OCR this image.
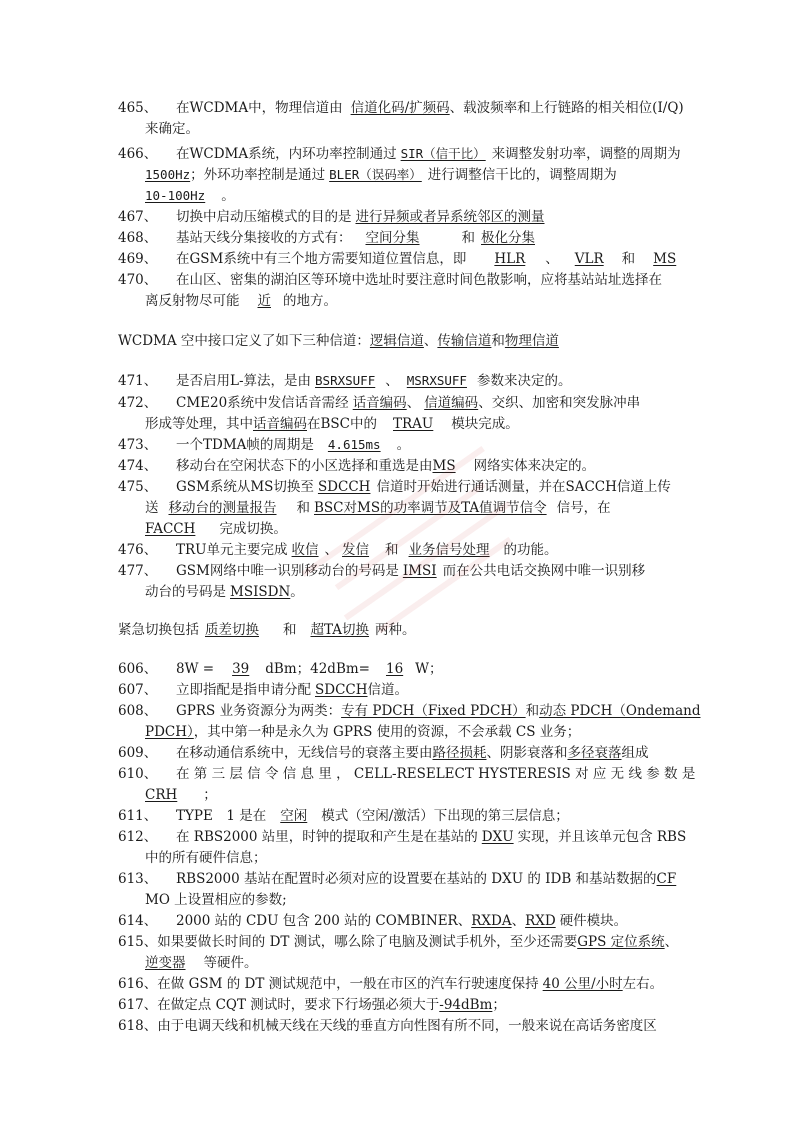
465、 在WCDMA中，物理信道由 信道化码/扩频码、载波频率和上行链路的相关相位(I/Q)
来确定。
466、 在WCDMA系统，内环功率控制通过 SIR（信干比） 来调整发射功率，调整的周期为
1500Hz；外环功率控制是通过 BLER（误码率） 进行调整信干比的，调整周期为
10-100Hz 。
467、 切换中启动压缩模式的目的是 进行异频或者异系统邻区的测量
468、 基站天线分集接收的方式有： 空间分集	和 极化分集
469、 在GSM系统中有三个地方需要知道位置信息，即 HLR 、 VLR 和 MS
470、 在山区、密集的湖泊区等环境中选址时要注意时间色散影响，应将基站站址选择在
离反射物尽可能 近 的地方。
WCDMA 空中接口定义了如下三种信道：逻辑信道、传输信道和物理信道
471、 是否启用L-算法，是由 BSRXSUFF 、 MSRXSUFF 参数来决定的。
472、 CME20系统中发信话音需经 话音编码、 信道编码、交织、加密和突发脉冲串
形成等处理，其中话音编码在BSC中的 TRAU 模块完成。
473、 一个TDMA帧的周期是 4.615ms 。
474、 移动台在空闲状态下的小区选择和重选是由MS 网络实体来决定的。
475、 GSM系统从MS切换至 SDCCH 信道时开始进行通话测量，并在SACCH信道上传
送 移动台的测量报告 和 BSC对MS的功率调节及TA值调节信令 信号，在
FACCH 完成切换。
476、 TRU单元主要完成 收信 、 发信 和 业务信号处理 的功能。
477、 GSM网络中唯一识别移动台的号码是 IMSI 而在公共电话交换网中唯一识别移
动台的号码是 MSISDN。
紧急切换包括 质差切换 和 超TA切换 两种。
606、 8W = 39 dBm；42dBm= 16 W；
607、 立即指配是指申请分配 SDCCH信道。
608、 GPRS 业务资源分为两类：专有 PDCH（Fixed PDCH）和动态 PDCH（Ondemand
PDCH），其中第一种是永久为 GPRS 使用的资源，不会承载 CS 业务；
609、 在移动通信系统中，无线信号的衰落主要由路径损耗、阴影衰落和多径衰落组成
610、 在 第 三 层 信 令 信 息 里 ， CELL-RESELECT HYSTERESIS 对 应 无 线 参 数 是
CRH ；
611、 TYPE　1 是在 空闲 模式（空闲/激活）下出现的第三层信息；
612、 在 RBS2000 站里，时钟的提取和产生是在基站的 DXU 实现，并且该单元包含 RBS
中的所有硬件信息；
613、 RBS2000 基站在配置时必须对应的设置要在基站的 DXU 的 IDB 和基站数据的CF
MO 上设置相应的参数;
614、 2000 站的 CDU 包含 200 站的 COMBINER、RXDA、RXD 硬件模块。
615、如果要做长时间的 DT 测试，哪么除了电脑及测试手机外，至少还需要GPS 定位系统、
逆变器 等硬件。
616、在做 GSM 的 DT 测试规范中，一般在市区的汽车行驶速度保持 40 公里/小时左右。
617、在做定点 CQT 测试时，要求下行场强必须大于-94dBm；
618、由于电调天线和机械天线在天线的垂直方向性图有所不同，一般来说在高话务密度区
